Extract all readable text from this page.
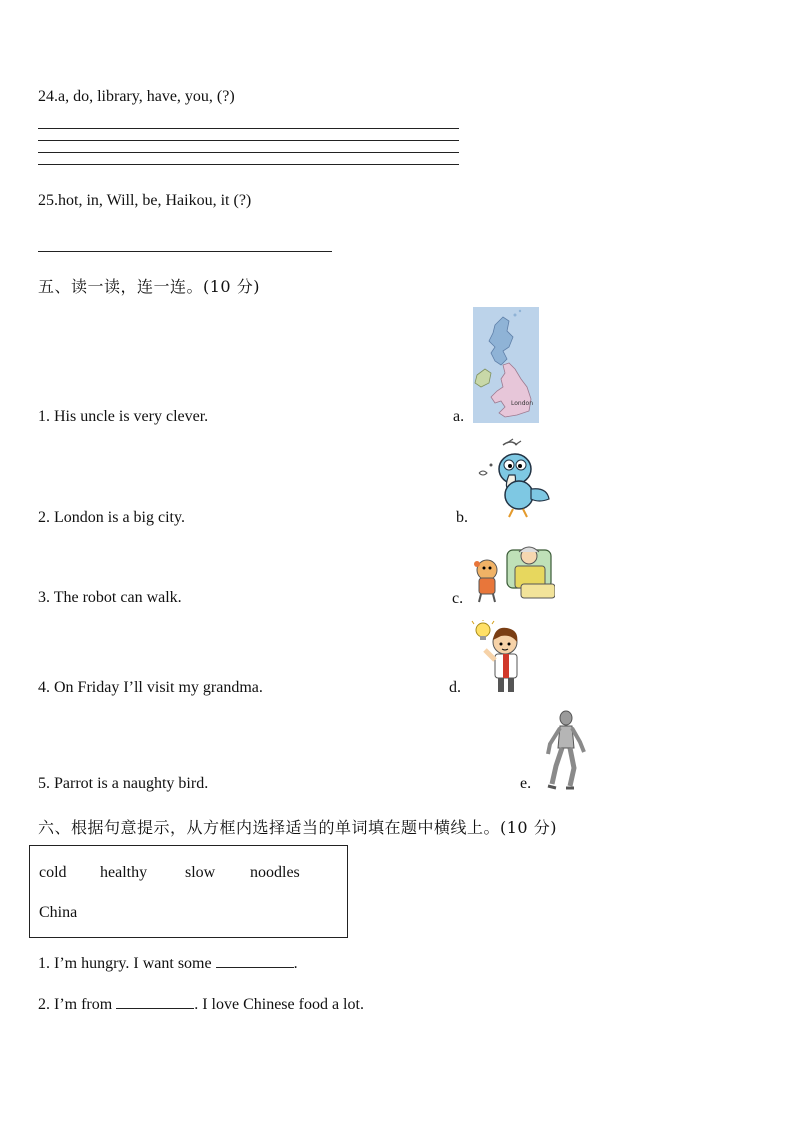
24.a, do, library, have, you, (?)
25.hot, in, Will, be, Haikou, it (?)
五、读一读，连一连。(10 分)
1. His uncle is very clever.	a.
2. London is a big city.	b.
3. The robot can walk.	c.
4. On Friday I’ll visit my grandma.	d.
5. Parrot is a naughty bird.	e.
London
六、根据句意提示，从方框内选择适当的单词填在题中横线上。(10 分)
cold healthy slow noodles
China
1. I’m hungry. I want some	.
2. I’m from	. I love Chinese food a lot.
